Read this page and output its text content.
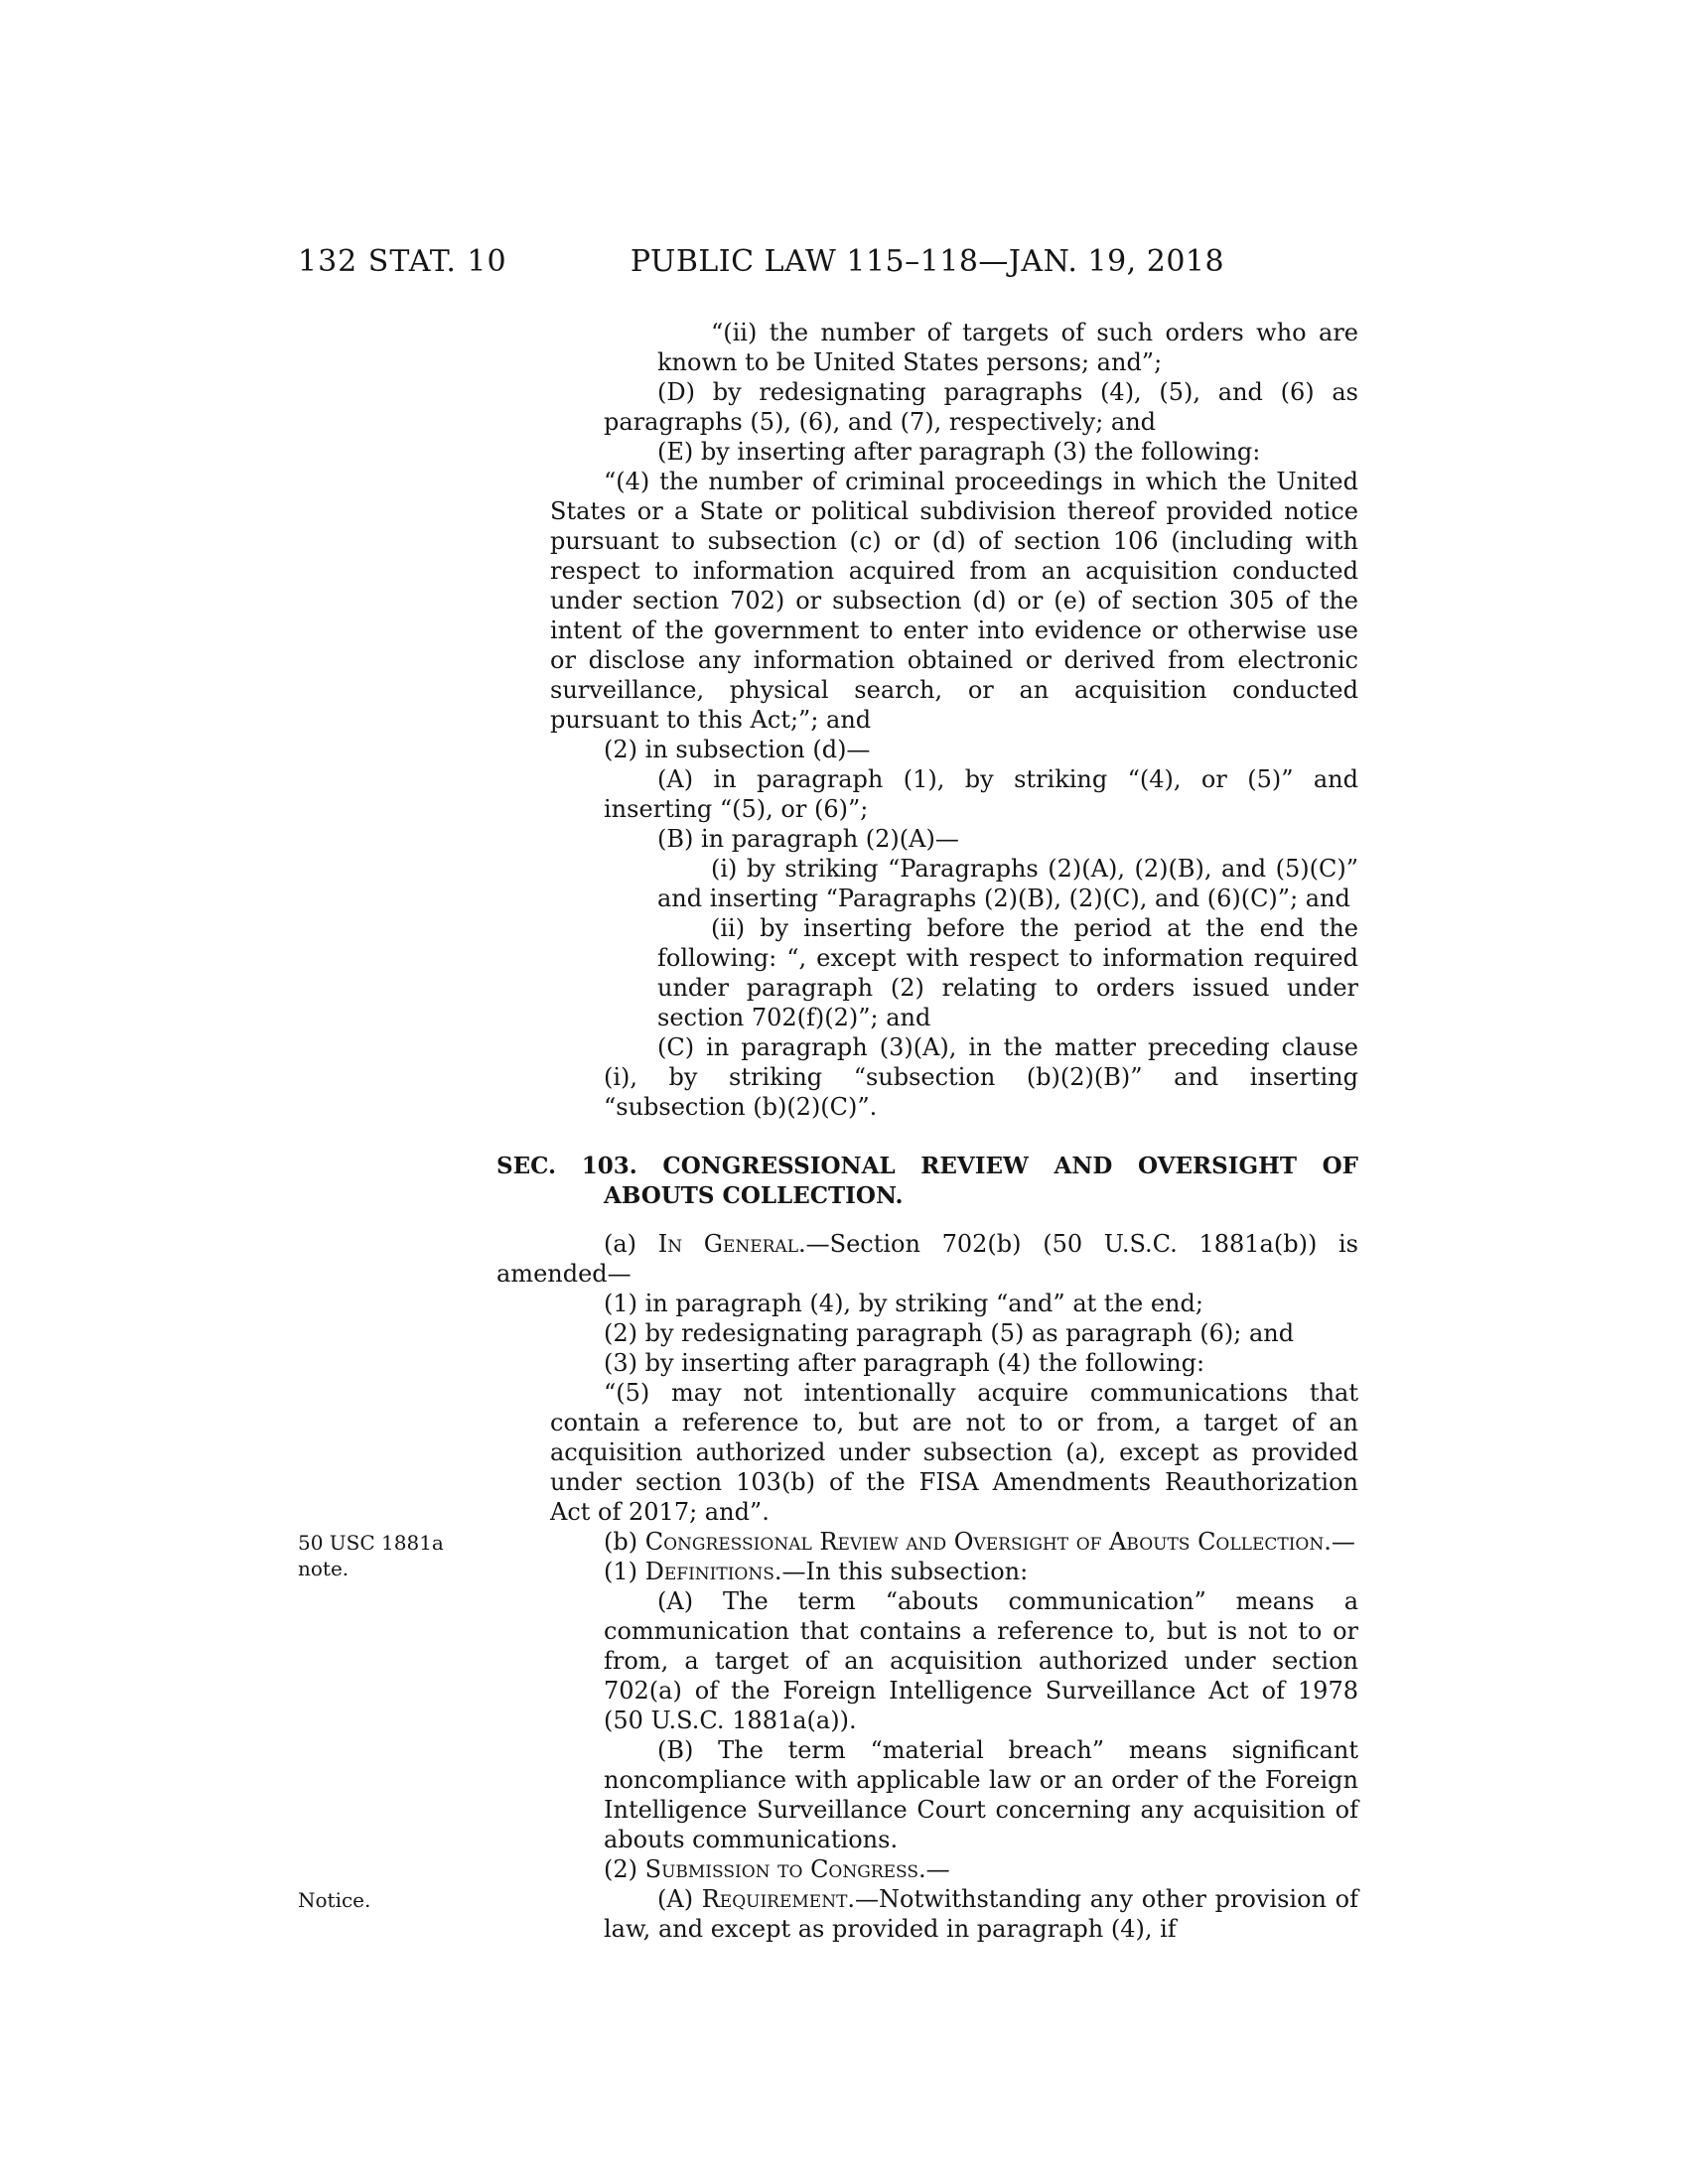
132 STAT. 10	PUBLIC LAW 115–118—JAN. 19, 2018

“(ii) the number of targets of such orders who are known to be United States persons; and”;

(D) by redesignating paragraphs (4), (5), and (6) as paragraphs (5), (6), and (7), respectively; and

(E) by inserting after paragraph (3) the following:

“(4) the number of criminal proceedings in which the United States or a State or political subdivision thereof provided notice pursuant to subsection (c) or (d) of section 106 (including with respect to information acquired from an acquisition conducted under section 702) or subsection (d) or (e) of section 305 of the intent of the government to enter into evidence or otherwise use or disclose any information obtained or derived from electronic surveillance, physical search, or an acquisition conducted pursuant to this Act;”; and

(2) in subsection (d)—

(A) in paragraph (1), by striking “(4), or (5)” and inserting “(5), or (6)”;

(B) in paragraph (2)(A)—

(i) by striking “Paragraphs (2)(A), (2)(B), and (5)(C)” and inserting “Paragraphs (2)(B), (2)(C), and (6)(C)”; and

(ii) by inserting before the period at the end the following: “, except with respect to information required under paragraph (2) relating to orders issued under section 702(f)(2)”; and

(C) in paragraph (3)(A), in the matter preceding clause (i), by striking “subsection (b)(2)(B)” and inserting “subsection (b)(2)(C)”.

SEC. 103. CONGRESSIONAL REVIEW AND OVERSIGHT OF ABOUTS COLLECTION.

(a) In General.—Section 702(b) (50 U.S.C. 1881a(b)) is amended—

(1) in paragraph (4), by striking “and” at the end;

(2) by redesignating paragraph (5) as paragraph (6); and

(3) by inserting after paragraph (4) the following:

“(5) may not intentionally acquire communications that contain a reference to, but are not to or from, a target of an acquisition authorized under subsection (a), except as provided under section 103(b) of the FISA Amendments Reauthorization Act of 2017; and”.

50 USC 1881a
note.
(b) Congressional Review and Oversight of Abouts Collection.—

(1) Definitions.—In this subsection:

(A) The term “abouts communication” means a communication that contains a reference to, but is not to or from, a target of an acquisition authorized under section 702(a) of the Foreign Intelligence Surveillance Act of 1978 (50 U.S.C. 1881a(a)).

(B) The term “material breach” means significant noncompliance with applicable law or an order of the Foreign Intelligence Surveillance Court concerning any acquisition of abouts communications.

(2) Submission to Congress.—

Notice.	(A) Requirement.—Notwithstanding any other provision of law, and except as provided in paragraph (4), if
